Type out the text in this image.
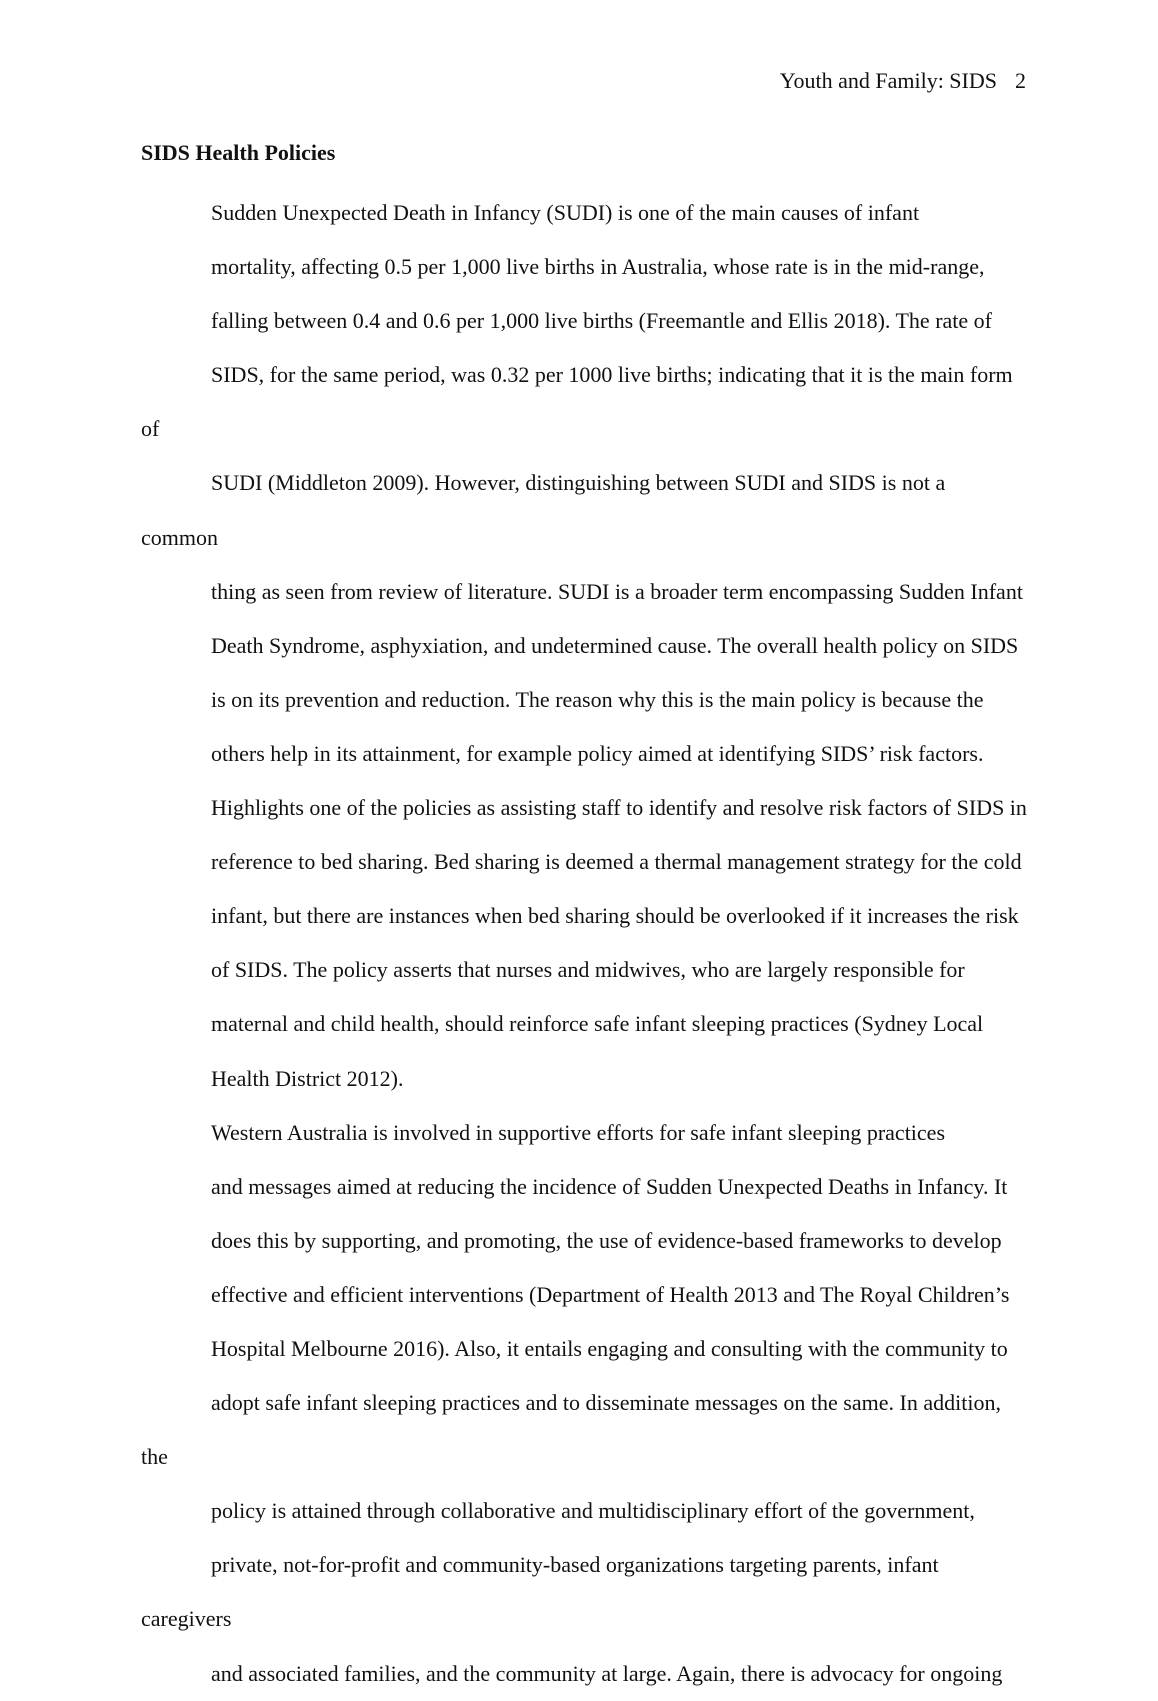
Youth and Family: SIDS 2
SIDS Health Policies

Sudden Unexpected Death in Infancy (SUDI) is one of the main causes of infant
mortality, affecting 0.5 per 1,000 live births in Australia, whose rate is in the mid-range,
falling between 0.4 and 0.6 per 1,000 live births (Freemantle and Ellis 2018). The rate of
SIDS, for the same period, was 0.32 per 1000 live births; indicating that it is the main form of
SUDI (Middleton 2009). However, distinguishing between SUDI and SIDS is not a common
thing as seen from review of literature. SUDI is a broader term encompassing Sudden Infant
Death Syndrome, asphyxiation, and undetermined cause. The overall health policy on SIDS
is on its prevention and reduction. The reason why this is the main policy is because the
others help in its attainment, for example policy aimed at identifying SIDS’ risk factors.
Highlights one of the policies as assisting staff to identify and resolve risk factors of SIDS in
reference to bed sharing. Bed sharing is deemed a thermal management strategy for the cold
infant, but there are instances when bed sharing should be overlooked if it increases the risk
of SIDS. The policy asserts that nurses and midwives, who are largely responsible for
maternal and child health, should reinforce safe infant sleeping practices (Sydney Local
Health District 2012).

Western Australia is involved in supportive efforts for safe infant sleeping practices
and messages aimed at reducing the incidence of Sudden Unexpected Deaths in Infancy. It
does this by supporting, and promoting, the use of evidence-based frameworks to develop
effective and efficient interventions (Department of Health 2013 and The Royal Children’s
Hospital Melbourne 2016). Also, it entails engaging and consulting with the community to
adopt safe infant sleeping practices and to disseminate messages on the same. In addition, the
policy is attained through collaborative and multidisciplinary effort of the government,
private, not-for-profit and community-based organizations targeting parents, infant caregivers
and associated families, and the community at large. Again, there is advocacy for ongoing
